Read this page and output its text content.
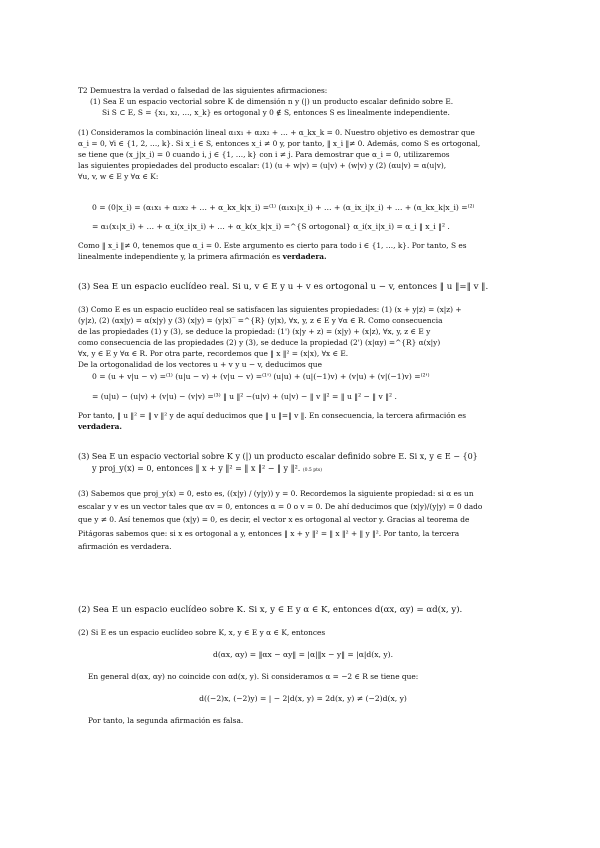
T2 Demuestra la verdad o falsedad de las siguientes afirmaciones:
(1) Sea E un espacio vectorial sobre K de dimensión n y (|) un producto escalar definido sobre E.
Si S ⊂ E, S = {x₁, x₂, …, x_k} es ortogonal y 0 ∉ S, entonces S es linealmente independiente.
(1) Consideramos la combinación lineal α₁x₁ + α₂x₂ + … + α_kx_k = 0. Nuestro objetivo es demostrar que
α_i = 0, ∀i ∈ {1, 2, …, k}. Si x_i ∈ S, entonces x_i ≠ 0 y, por tanto, ‖ x_i ‖≠ 0. Además, como S es ortogonal,
se tiene que (x_j|x_i) = 0 cuando i, j ∈ {1, …, k} con i ≠ j. Para demostrar que α_i = 0, utilizaremos
las siguientes propiedades del producto escalar: (1) (u + w|v) = (u|v) + (w|v) y (2) (αu|v) = α(u|v),
∀u, v, w ∈ E y ∀α ∈ K:
0 = (0|x_i) = (α₁x₁ + α₂x₂ + … + α_kx_k|x_i) =⁽¹⁾ (α₁x₁|x_i) + … + (α_ix_i|x_i) + … + (α_kx_k|x_i) =⁽²⁾
= α₁(x₁|x_i) + … + α_i(x_i|x_i) + … + α_k(x_k|x_i) =^{S ortogonal} α_i(x_i|x_i) = α_i ‖ x_i ‖² .
Como ‖ x_i ‖≠ 0, tenemos que α_i = 0. Este argumento es cierto para todo i ∈ {1, …, k}. Por tanto, S es
linealmente independiente y, la primera afirmación es verdadera.
(3) Sea E un espacio euclídeo real. Si u, v ∈ E y u + v es ortogonal u − v, entonces ‖ u ‖=‖ v ‖.
(3) Como E es un espacio euclídeo real se satisfacen las siguientes propiedades: (1) (x + y|z) = (x|z) +
(y|z), (2) (αx|y) = α(x|y) y (3) (x|y) = (y|x)‾ =^{R} (y|x), ∀x, y, z ∈ E y ∀α ∈ R. Como consecuencia
de las propiedades (1) y (3), se deduce la propiedad: (1') (x|y + z) = (x|y) + (x|z), ∀x, y, z ∈ E y
como consecuencia de las propiedades (2) y (3), se deduce la propiedad (2') (x|αy) =^{R} α(x|y)
∀x, y ∈ E y ∀α ∈ R. Por otra parte, recordemos que ‖ x ‖² = (x|x), ∀x ∈ E.
De la ortogonalidad de los vectores u + v y u − v, deducimos que
0 = (u + v|u − v) =⁽¹⁾ (u|u − v) + (v|u − v) =⁽¹'⁾ (u|u) + (u|(−1)v) + (v|u) + (v|(−1)v) =⁽²'⁾
= (u|u) − (u|v) + (v|u) − (v|v) =⁽³⁾ ‖ u ‖² −(u|v) + (u|v) − ‖ v ‖² = ‖ u ‖² − ‖ v ‖² .
Por tanto, ‖ u ‖² = ‖ v ‖² y de aquí deducimos que ‖ u ‖=‖ v ‖. En consecuencia, la tercera afirmación es
verdadera.
(3) Sea E un espacio vectorial sobre K y (|) un producto escalar definido sobre E. Si x, y ∈ E − {0}
y proj_y(x) = 0, entonces ‖ x + y ‖² = ‖ x ‖² − ‖ y ‖². (0.5 pts)
(3) Sabemos que proj_y(x) = 0, esto es, ((x|y) / (y|y)) y = 0. Recordemos la siguiente propiedad: si α es un
escalar y v es un vector tales que αv = 0, entonces α = 0 o v = 0. De ahí deducimos que (x|y)/(y|y) = 0 dado
que y ≠ 0. Así tenemos que (x|y) = 0, es decir, el vector x es ortogonal al vector y. Gracias al teorema de
Pitágoras sabemos que: si x es ortogonal a y, entonces ‖ x + y ‖² = ‖ x ‖² + ‖ y ‖². Por tanto, la tercera
afirmación es verdadera.
(2) Sea E un espacio euclídeo sobre K. Si x, y ∈ E y α ∈ K, entonces d(αx, αy) = αd(x, y).
(2) Si E es un espacio euclídeo sobre K, x, y ∈ E y α ∈ K, entonces
d(αx, αy) = ‖αx − αy‖ = |α|‖x − y‖ = |α|d(x, y).
En general d(αx, αy) no coincide con αd(x, y). Si consideramos α = −2 ∈ R se tiene que:
d((−2)x, (−2)y) = | − 2|d(x, y) = 2d(x, y) ≠ (−2)d(x, y)
Por tanto, la segunda afirmación es falsa.
